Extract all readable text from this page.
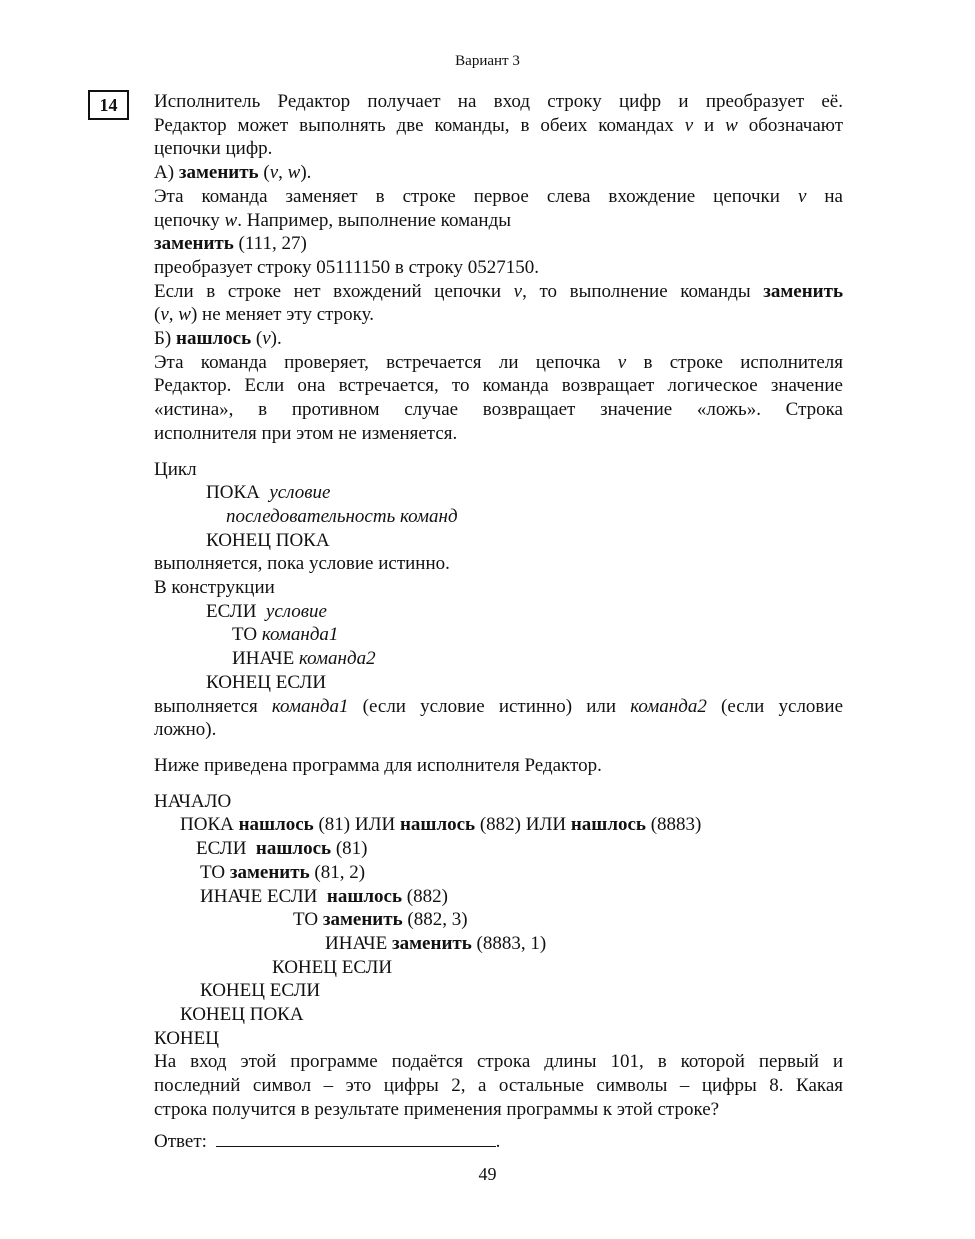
Вариант 3
14	Исполнитель Редактор получает на вход строку цифр и преобразует её.

Редактор может выполнять две команды, в обеих командах v и w обозначают

цепочки цифр.

А) заменить (v, w).

Эта команда заменяет в строке первое слева вхождение цепочки v на

цепочку w. Например, выполнение команды

заменить (111, 27)

преобразует строку 05111150 в строку 0527150.

Если в строке нет вхождений цепочки v, то выполнение команды заменить

(v, w) не меняет эту строку.

Б) нашлось (v).

Эта команда проверяет, встречается ли цепочка v в строке исполнителя

Редактор. Если она встречается, то команда возвращает логическое значение

«истина», в противном случае возвращает значение «ложь». Строка

исполнителя при этом не изменяется.

Цикл

ПОКА условие

последовательность команд

КОНЕЦ ПОКА

выполняется, пока условие истинно.

В конструкции

ЕСЛИ условие

ТО команда1

ИНАЧЕ команда2

КОНЕЦ ЕСЛИ

выполняется команда1 (если условие истинно) или команда2 (если условие

ложно).

Ниже приведена программа для исполнителя Редактор.

НАЧАЛО

ПОКА нашлось (81) ИЛИ нашлось (882) ИЛИ нашлось (8883)

ЕСЛИ  нашлось (81)

ТО заменить (81, 2)

ИНАЧЕ ЕСЛИ  нашлось (882)

ТО заменить (882, 3)

ИНАЧЕ заменить (8883, 1)

КОНЕЦ ЕСЛИ

КОНЕЦ ЕСЛИ

КОНЕЦ ПОКА

КОНЕЦ

На вход этой программе подаётся строка длины 101, в которой первый и

последний символ – это цифры 2, а остальные символы – цифры 8. Какая

строка получится в результате применения программы к этой строке?

Ответ:	.

49
